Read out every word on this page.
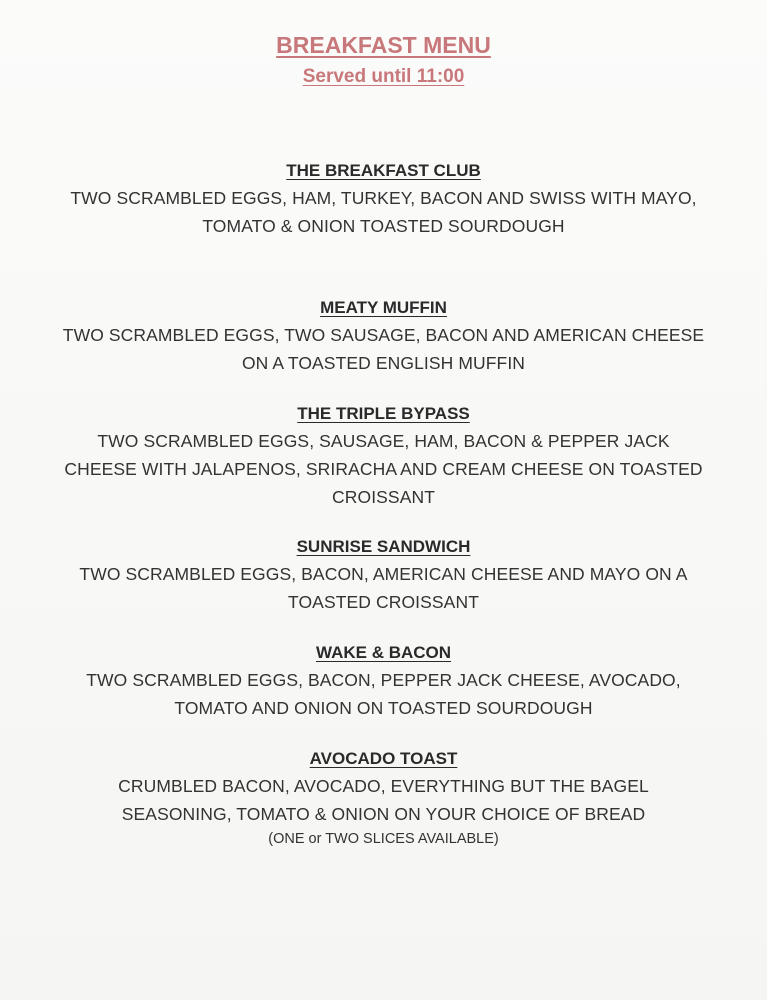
BREAKFAST MENU
Served until 11:00
THE BREAKFAST CLUB
TWO SCRAMBLED EGGS, HAM, TURKEY, BACON AND SWISS WITH MAYO,
TOMATO & ONION TOASTED SOURDOUGH
MEATY MUFFIN
TWO SCRAMBLED EGGS, TWO SAUSAGE, BACON AND AMERICAN CHEESE
ON A TOASTED ENGLISH MUFFIN
THE TRIPLE BYPASS
TWO SCRAMBLED EGGS, SAUSAGE, HAM, BACON & PEPPER JACK
CHEESE WITH JALAPENOS, SRIRACHA AND CREAM CHEESE ON TOASTED
CROISSANT
SUNRISE SANDWICH
TWO SCRAMBLED EGGS, BACON, AMERICAN CHEESE AND MAYO ON A
TOASTED CROISSANT
WAKE & BACON
TWO SCRAMBLED EGGS, BACON, PEPPER JACK CHEESE, AVOCADO,
TOMATO AND ONION ON TOASTED SOURDOUGH
AVOCADO TOAST
CRUMBLED BACON, AVOCADO, EVERYTHING BUT THE BAGEL
SEASONING, TOMATO & ONION ON YOUR CHOICE OF BREAD
(ONE or TWO SLICES AVAILABLE)
